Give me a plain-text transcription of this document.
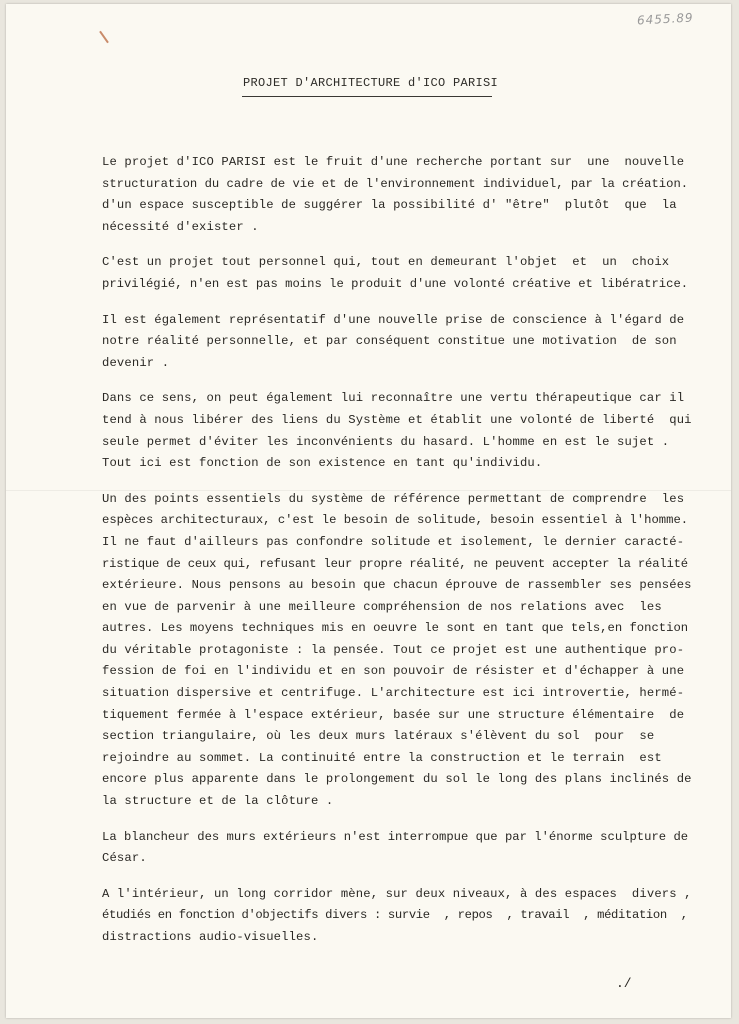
6455.89
PROJET D'ARCHITECTURE d'ICO PARISI

Le projet d'ICO PARISI est le fruit d'une recherche portant sur  une  nouvelle
structuration du cadre de vie et de l'environnement individuel, par la création.
d'un espace susceptible de suggérer la possibilité d' "être"  plutôt  que  la
nécessité d'exister .

C'est un projet tout personnel qui, tout en demeurant l'objet  et  un  choix
privilégié, n'en est pas moins le produit d'une volonté créative et libératrice.

Il est également représentatif d'une nouvelle prise de conscience à l'égard de
notre réalité personnelle, et par conséquent constitue une motivation  de son
devenir .

Dans ce sens, on peut également lui reconnaître une vertu thérapeutique car il
tend à nous libérer des liens du Système et établit une volonté de liberté  qui
seule permet d'éviter les inconvénients du hasard. L'homme en est le sujet .
Tout ici est fonction de son existence en tant qu'individu.

Un des points essentiels du système de référence permettant de comprendre  les
espèces architecturaux, c'est le besoin de solitude, besoin essentiel à l'homme.
Il ne faut d'ailleurs pas confondre solitude et isolement, le dernier caracté-
ristique de ceux qui, refusant leur propre réalité, ne peuvent accepter la réalité
extérieure. Nous pensons au besoin que chacun éprouve de rassembler ses pensées
en vue de parvenir à une meilleure compréhension de nos relations avec  les
autres. Les moyens techniques mis en oeuvre le sont en tant que tels,en fonction
du véritable protagoniste : la pensée. Tout ce projet est une authentique pro-
fession de foi en l'individu et en son pouvoir de résister et d'échapper à une
situation dispersive et centrifuge. L'architecture est ici introvertie, hermé-
tiquement fermée à l'espace extérieur, basée sur une structure élémentaire  de
section triangulaire, où les deux murs latéraux s'élèvent du sol  pour  se
rejoindre au sommet. La continuité entre la construction et le terrain  est
encore plus apparente dans le prolongement du sol le long des plans inclinés de
la structure et de la clôture .

La blancheur des murs extérieurs n'est interrompue que par l'énorme sculpture de
César.

A l'intérieur, un long corridor mène, sur deux niveaux, à des espaces  divers ,
étudiés en fonction d'objectifs divers : survie  , repos  , travail  , méditation  ,
distractions audio-visuelles.

./
